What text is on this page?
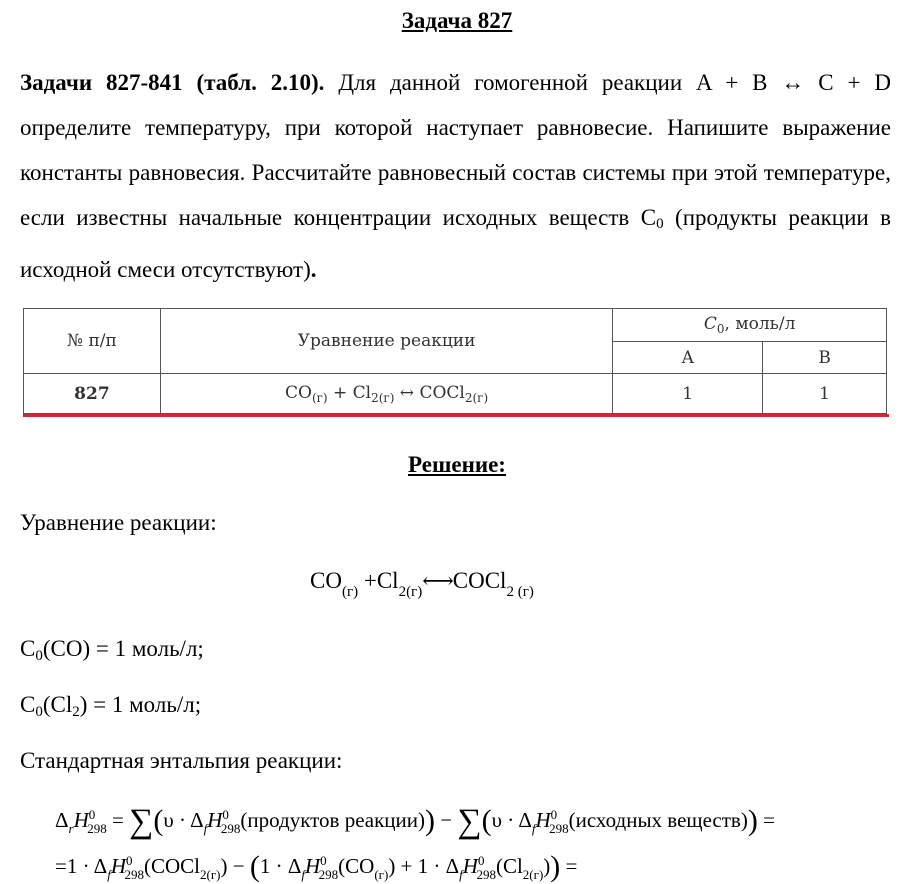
Задача 827
Задачи 827-841 (табл. 2.10). Для данной гомогенной реакции A + B ↔ C + D определите температуру, при которой наступает равновесие. Напишите выражение константы равновесия. Рассчитайте равновесный состав системы при этой температуре, если известны начальные концентрации исходных веществ $C_0$ (продукты реакции в исходной смеси отсутствуют).
№ п/п	Уравнение реакции	$C_0$, моль/л	
		A	B
827	$CO_{(г)} + Cl_{2(г)}$ ↔ COCl$_{2(г)}$	1	1
Решение:
Уравнение реакции:
$CO_{(г)}$ $+Cl_{2(г)}⟷COCl_{2 (г)}$
$C_0(CO) = 1$ моль/л;
$C_0(Cl_2) = 1$ моль/л;
Стандартная энтальпия реакции:
$\Delta_rH^0_{298} = \sum(\upsilon$ · $\Delta_fH^0_{298}(продуктов$ реакции)) − $\sum(\upsilon \cdot \Delta_fH^0_{298}(исходных$ веществ)) =
$=1 \cdot \Delta_fH^0_{298}(COCl_{2(г)}) - (1 \cdot \Delta_fH^0_{298}(CO_{(г)}) + 1 \cdot \Delta_fH^0_{298}(Cl_{2(г)}))$ =
